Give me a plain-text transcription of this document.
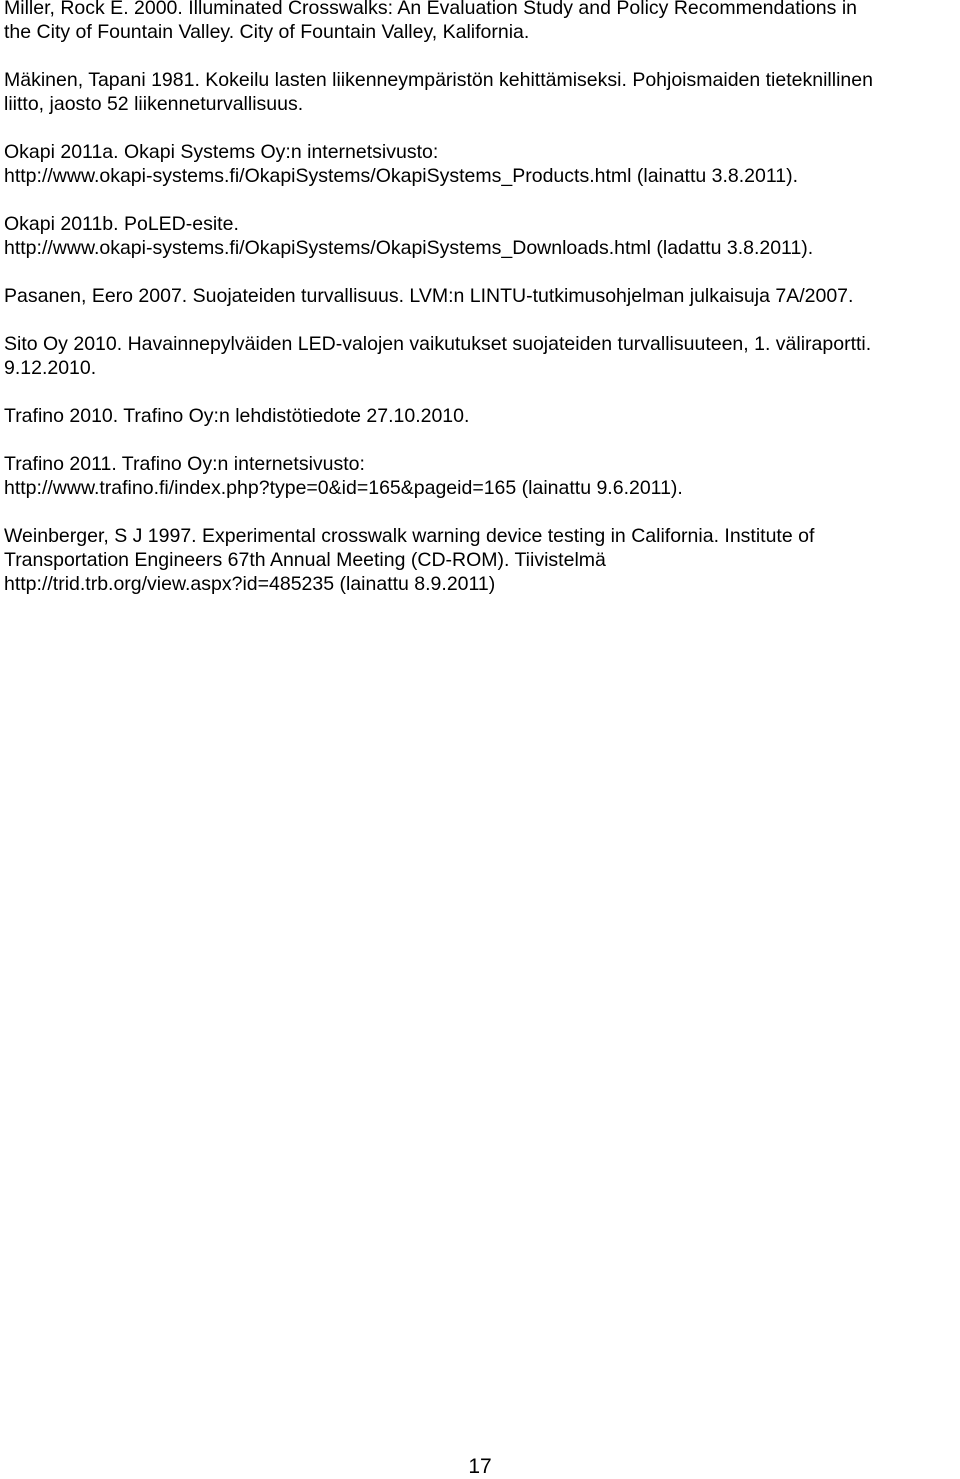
Miller, Rock E. 2000. Illuminated Crosswalks: An Evaluation Study and Policy Recommendations in
the City of Fountain Valley. City of Fountain Valley, Kalifornia.
Mäkinen, Tapani 1981. Kokeilu lasten liikenneympäristön kehittämiseksi. Pohjoismaiden tieteknillinen
liitto, jaosto 52 liikenneturvallisuus.
Okapi 2011a. Okapi Systems Oy:n internetsivusto:
http://www.okapi-systems.fi/OkapiSystems/OkapiSystems_Products.html (lainattu 3.8.2011).
Okapi 2011b. PoLED-esite.
http://www.okapi-systems.fi/OkapiSystems/OkapiSystems_Downloads.html (ladattu 3.8.2011).
Pasanen, Eero 2007. Suojateiden turvallisuus. LVM:n LINTU-tutkimusohjelman julkaisuja 7A/2007.
Sito Oy 2010. Havainnepylväiden LED-valojen vaikutukset suojateiden turvallisuuteen, 1. väliraportti.
9.12.2010.
Trafino 2010. Trafino Oy:n lehdistötiedote 27.10.2010.
Trafino 2011. Trafino Oy:n internetsivusto:
http://www.trafino.fi/index.php?type=0&id=165&pageid=165 (lainattu 9.6.2011).
Weinberger, S J 1997. Experimental crosswalk warning device testing in California. Institute of
Transportation Engineers 67th Annual Meeting (CD-ROM). Tiivistelmä
http://trid.trb.org/view.aspx?id=485235 (lainattu 8.9.2011)
17
